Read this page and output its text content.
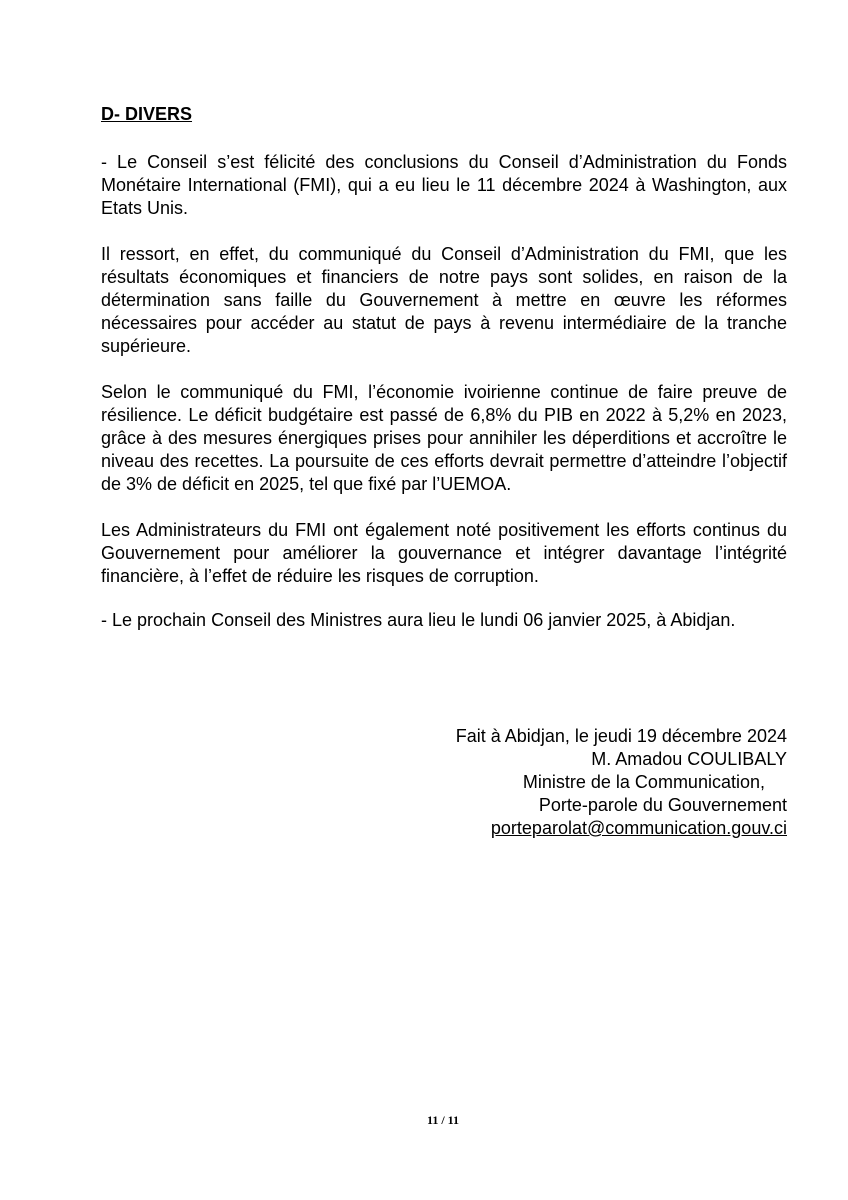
D- DIVERS

- Le Conseil s’est félicité des conclusions du Conseil d’Administration du Fonds Monétaire International (FMI), qui a eu lieu le 11 décembre 2024 à Washington, aux Etats Unis.

Il ressort, en effet, du communiqué du Conseil d’Administration du FMI, que les résultats économiques et financiers de notre pays sont solides, en raison de la détermination sans faille du Gouvernement à mettre en œuvre les réformes nécessaires pour accéder au statut de pays à revenu intermédiaire de la tranche supérieure.

Selon le communiqué du FMI, l’économie ivoirienne continue de faire preuve de résilience. Le déficit budgétaire est passé de 6,8% du PIB en 2022 à 5,2% en 2023, grâce à des mesures énergiques prises pour annihiler les déperditions et accroître le niveau des recettes. La poursuite de ces efforts devrait permettre d’atteindre l’objectif de 3% de déficit en 2025, tel que fixé par l’UEMOA.

Les Administrateurs du FMI ont également noté positivement les efforts continus du Gouvernement pour améliorer la gouvernance et intégrer davantage l’intégrité financière, à l’effet de réduire les risques de corruption.

- Le prochain Conseil des Ministres aura lieu le lundi 06 janvier 2025, à Abidjan.

Fait à Abidjan, le jeudi 19 décembre 2024
M. Amadou COULIBALY
Ministre de la Communication,
Porte-parole du Gouvernement
porteparolat@communication.gouv.ci
11 / 11
